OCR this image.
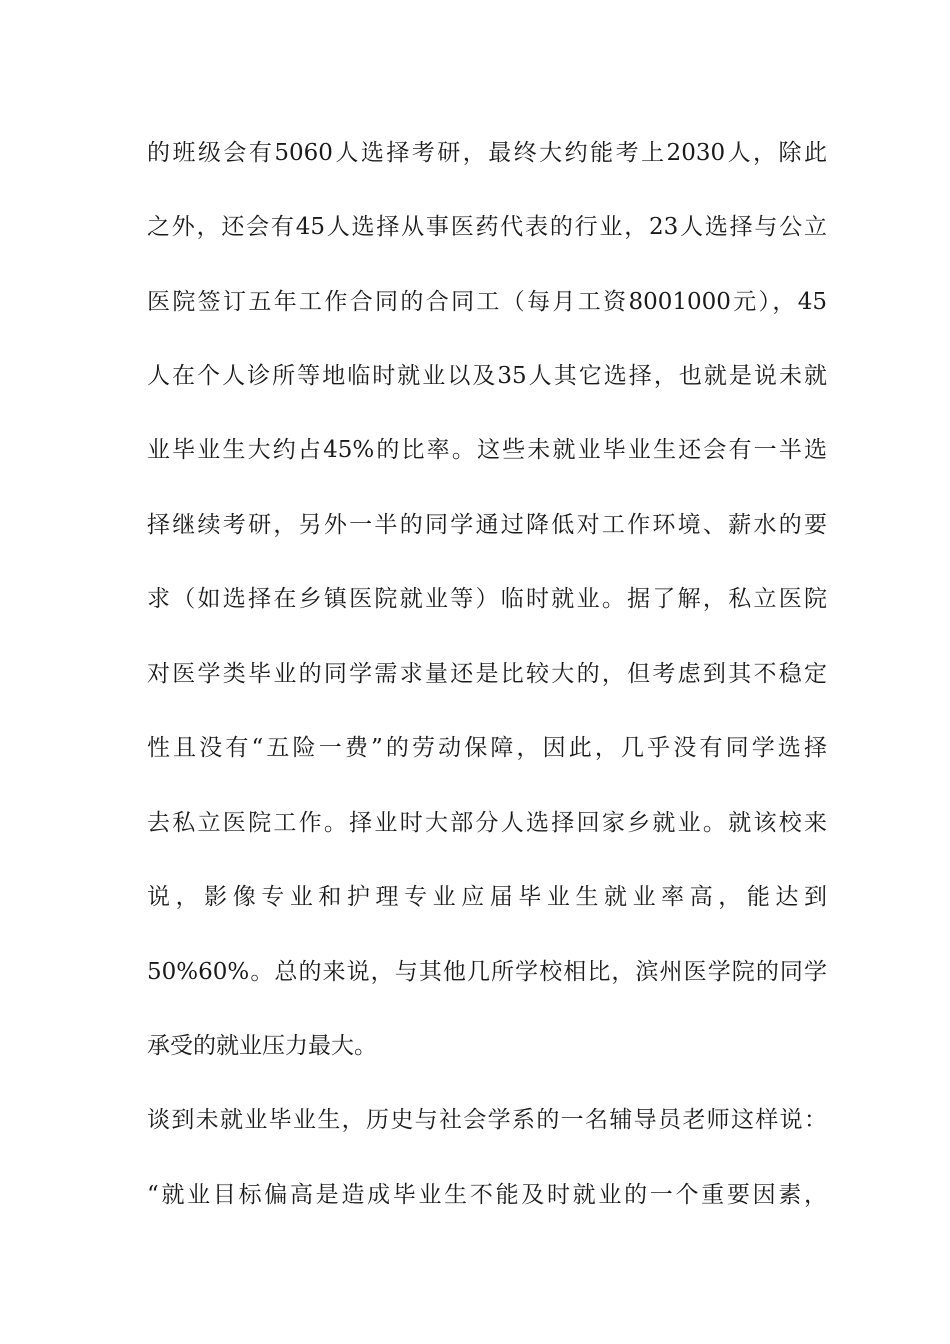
的班级会有5060人选择考研，最终大约能考上2030人，除此
之外，还会有45人选择从事医药代表的行业，23人选择与公立
医院签订五年工作合同的合同工（每月工资8001000元），45
人在个人诊所等地临时就业以及35人其它选择，也就是说未就
业毕业生大约占45%的比率。这些未就业毕业生还会有一半选
择继续考研，另外一半的同学通过降低对工作环境、薪水的要
求（如选择在乡镇医院就业等）临时就业。据了解，私立医院
对医学类毕业的同学需求量还是比较大的，但考虑到其不稳定
性且没有“五险一费”的劳动保障，因此，几乎没有同学选择
去私立医院工作。择业时大部分人选择回家乡就业。就该校来
说，影像专业和护理专业应届毕业生就业率高，能达到
50%60%。总的来说，与其他几所学校相比，滨州医学院的同学
承受的就业压力最大。
谈到未就业毕业生，历史与社会学系的一名辅导员老师这样说：
“就业目标偏高是造成毕业生不能及时就业的一个重要因素，
